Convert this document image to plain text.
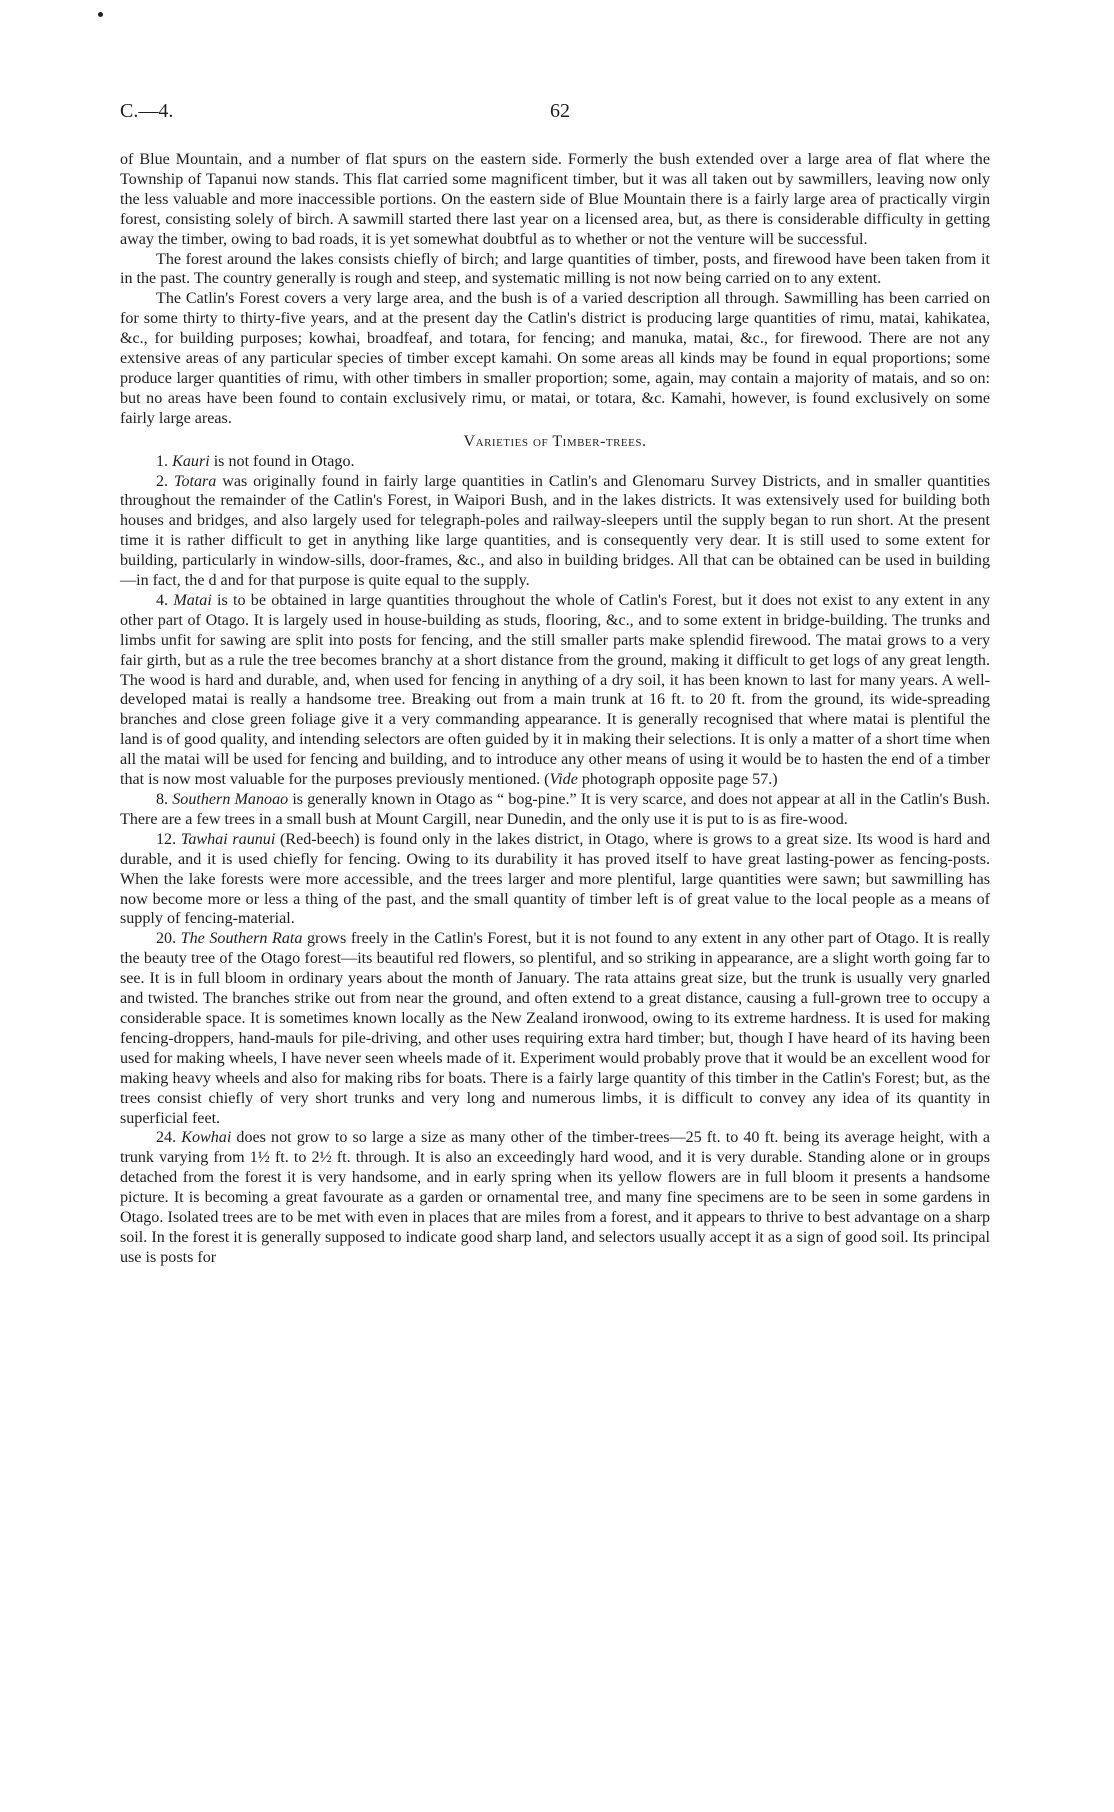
C.—4.	62

of Blue Mountain, and a number of flat spurs on the eastern side. Formerly the bush extended over a large area of flat where the Township of Tapanui now stands. This flat carried some magnificent timber, but it was all taken out by sawmillers, leaving now only the less valuable and more inaccessible portions. On the eastern side of Blue Mountain there is a fairly large area of practically virgin forest, consisting solely of birch. A sawmill started there last year on a licensed area, but, as there is considerable difficulty in getting away the timber, owing to bad roads, it is yet somewhat doubtful as to whether or not the venture will be successful.

The forest around the lakes consists chiefly of birch; and large quantities of timber, posts, and firewood have been taken from it in the past. The country generally is rough and steep, and systematic milling is not now being carried on to any extent.

The Catlin's Forest covers a very large area, and the bush is of a varied description all through. Sawmilling has been carried on for some thirty to thirty-five years, and at the present day the Catlin's district is producing large quantities of rimu, matai, kahikatea, &c., for building purposes; kowhai, broadfeaf, and totara, for fencing; and manuka, matai, &c., for firewood. There are not any extensive areas of any particular species of timber except kamahi. On some areas all kinds may be found in equal proportions; some produce larger quantities of rimu, with other timbers in smaller proportion; some, again, may contain a majority of matais, and so on: but no areas have been found to contain exclusively rimu, or matai, or totara, &c. Kamahi, however, is found exclusively on some fairly large areas.

Varieties of Timber-trees.

1. Kauri is not found in Otago.

2. Totara was originally found in fairly large quantities in Catlin's and Glenomaru Survey Districts, and in smaller quantities throughout the remainder of the Catlin's Forest, in Waipori Bush, and in the lakes districts. It was extensively used for building both houses and bridges, and also largely used for telegraph-poles and railway-sleepers until the supply began to run short. At the present time it is rather difficult to get in anything like large quantities, and is consequently very dear. It is still used to some extent for building, particularly in window-sills, door-frames, &c., and also in building bridges. All that can be obtained can be used in building—in fact, the d and for that purpose is quite equal to the supply.

4. Matai is to be obtained in large quantities throughout the whole of Catlin's Forest, but it does not exist to any extent in any other part of Otago. It is largely used in house-building as studs, flooring, &c., and to some extent in bridge-building. The trunks and limbs unfit for sawing are split into posts for fencing, and the still smaller parts make splendid firewood. The matai grows to a very fair girth, but as a rule the tree becomes branchy at a short distance from the ground, making it difficult to get logs of any great length. The wood is hard and durable, and, when used for fencing in anything of a dry soil, it has been known to last for many years. A well-developed matai is really a handsome tree. Breaking out from a main trunk at 16 ft. to 20 ft. from the ground, its wide-spreading branches and close green foliage give it a very commanding appearance. It is generally recognised that where matai is plentiful the land is of good quality, and intending selectors are often guided by it in making their selections. It is only a matter of a short time when all the matai will be used for fencing and building, and to introduce any other means of using it would be to hasten the end of a timber that is now most valuable for the purposes previously mentioned. (Vide photograph opposite page 57.)

8. Southern Manoao is generally known in Otago as “ bog-pine.” It is very scarce, and does not appear at all in the Catlin's Bush. There are a few trees in a small bush at Mount Cargill, near Dunedin, and the only use it is put to is as fire-wood.

12. Tawhai raunui (Red-beech) is found only in the lakes district, in Otago, where is grows to a great size. Its wood is hard and durable, and it is used chiefly for fencing. Owing to its durability it has proved itself to have great lasting-power as fencing-posts. When the lake forests were more accessible, and the trees larger and more plentiful, large quantities were sawn; but sawmilling has now become more or less a thing of the past, and the small quantity of timber left is of great value to the local people as a means of supply of fencing-material.

20. The Southern Rata grows freely in the Catlin's Forest, but it is not found to any extent in any other part of Otago. It is really the beauty tree of the Otago forest—its beautiful red flowers, so plentiful, and so striking in appearance, are a slight worth going far to see. It is in full bloom in ordinary years about the month of January. The rata attains great size, but the trunk is usually very gnarled and twisted. The branches strike out from near the ground, and often extend to a great distance, causing a full-grown tree to occupy a considerable space. It is sometimes known locally as the New Zealand ironwood, owing to its extreme hardness. It is used for making fencing-droppers, hand-mauls for pile-driving, and other uses requiring extra hard timber; but, though I have heard of its having been used for making wheels, I have never seen wheels made of it. Experiment would probably prove that it would be an excellent wood for making heavy wheels and also for making ribs for boats. There is a fairly large quantity of this timber in the Catlin's Forest; but, as the trees consist chiefly of very short trunks and very long and numerous limbs, it is difficult to convey any idea of its quantity in superficial feet.

24. Kowhai does not grow to so large a size as many other of the timber-trees—25 ft. to 40 ft. being its average height, with a trunk varying from 1½ ft. to 2½ ft. through. It is also an exceedingly hard wood, and it is very durable. Standing alone or in groups detached from the forest it is very handsome, and in early spring when its yellow flowers are in full bloom it presents a handsome picture. It is becoming a great favourate as a garden or ornamental tree, and many fine specimens are to be seen in some gardens in Otago. Isolated trees are to be met with even in places that are miles from a forest, and it appears to thrive to best advantage on a sharp soil. In the forest it is generally supposed to indicate good sharp land, and selectors usually accept it as a sign of good soil. Its principal use is posts for
